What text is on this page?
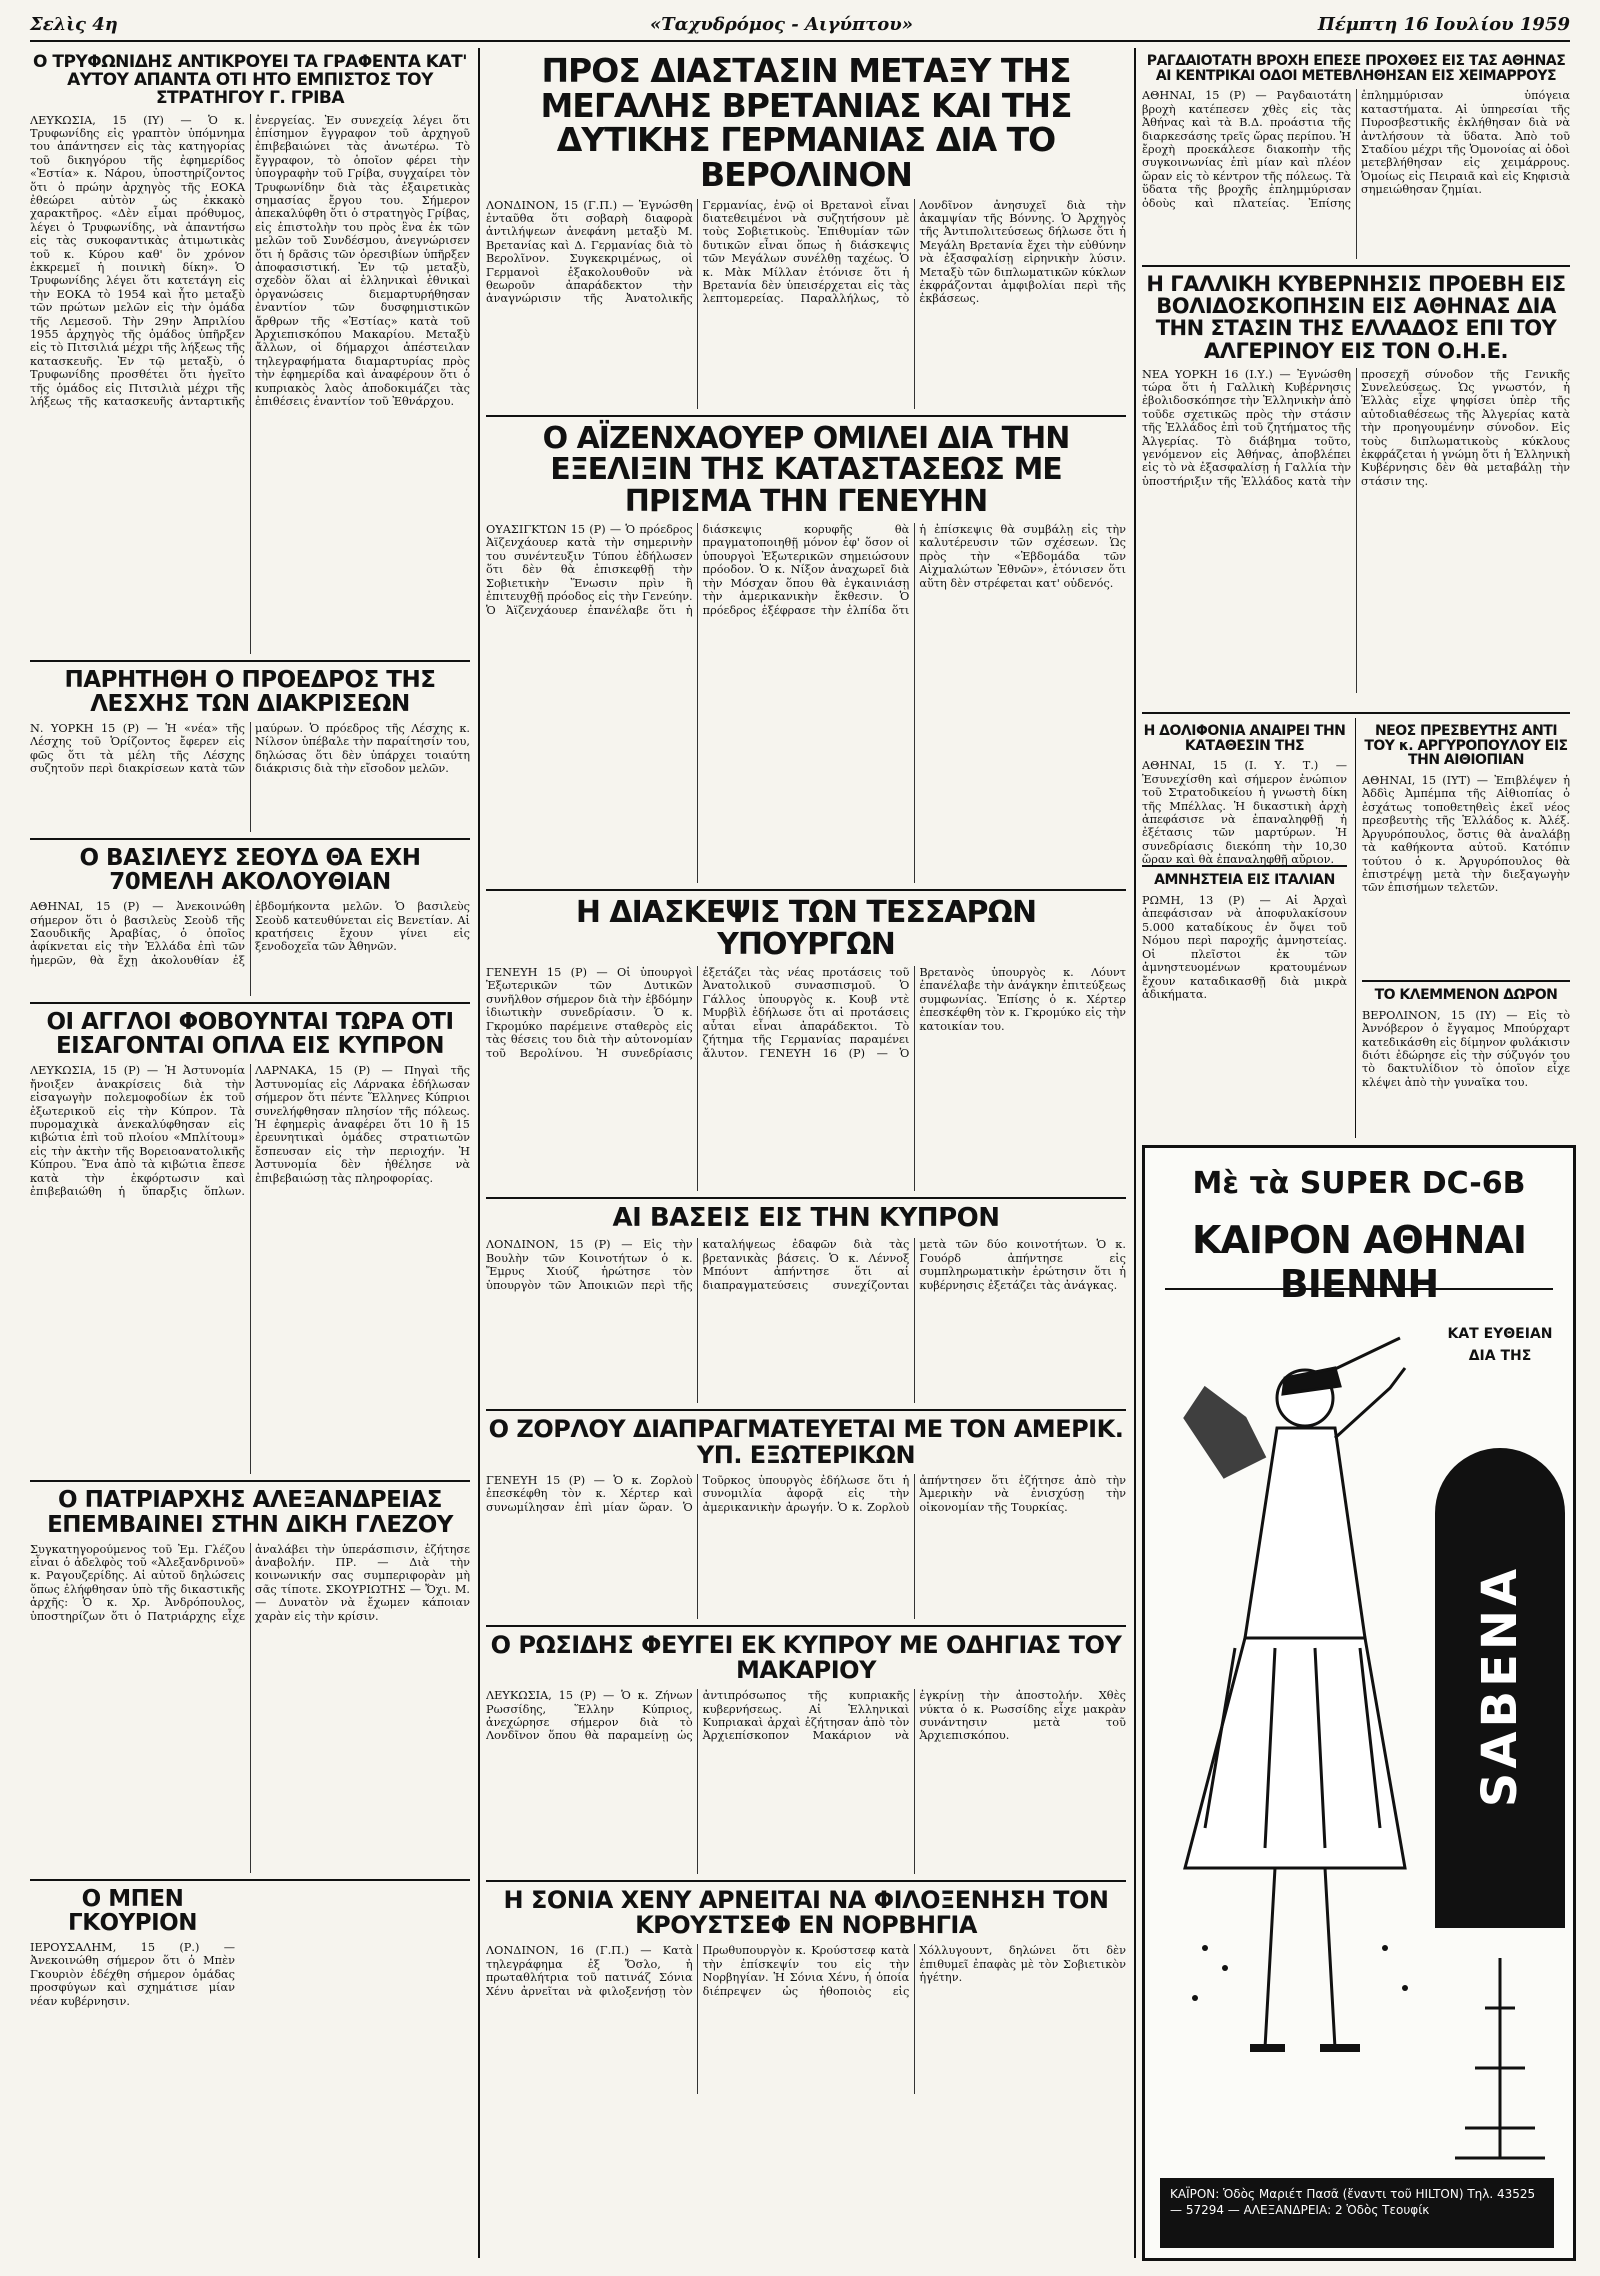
Σελὶς 4η	«Ταχυδρόμος - Αιγύπτου»	Πέμπτη 16 Ιουλίου 1959
Ο ΤΡΥΦΩΝΙΔΗΣ ΑΝΤΙΚΡΟΥΕΙ ΤΑ ΓΡΑΦΕΝΤΑ ΚΑΤ' ΑΥΤΟΥ ΑΠΑΝΤΑ ΟΤΙ ΗΤΟ ΕΜΠΙΣΤΟΣ ΤΟΥ ΣΤΡΑΤΗΓΟΥ Γ. ΓΡΙΒΑ

ΛΕΥΚΩΣΙΑ, 15 (ΙΥ) — Ὁ κ. Τρυφωνίδης εἰς γραπτὸν ὑπόμνημα του ἀπάντησεν εἰς τὰς κατηγορίας τοῦ δικηγόρου τῆς ἐφημερίδος «Ἑστία» κ. Νάρου, ὑποστηρίζοντος ὅτι ὁ πρώην ἀρχηγὸς τῆς ΕΟΚΑ ἐθεώρει αὐτὸν ὡς ἐκκακὸ χαρακτῆρος. «Δὲν εἶμαι πρόθυμος, λέγει ὁ Τρυφωνίδης, νὰ ἀπαντήσω εἰς τὰς συκοφαντικὰς ἀτιμωτικὰς τοῦ κ. Κύρου καθ' ὃν χρόνον ἐκκρεμεῖ ἡ ποινικὴ δίκη». Ὁ Τρυφωνίδης λέγει ὅτι κατετάγη εἰς τὴν ΕΟΚΑ τὸ 1954 καὶ ἦτο μεταξὺ τῶν πρώτων μελῶν εἰς τὴν ὁμάδα τῆς Λεμεσοῦ. Τὴν 29ην Ἀπριλίου 1955 ἀρχηγὸς τῆς ὁμάδος ὑπῆρξεν εἰς τὸ Πιτσιλιά μέχρι τῆς λήξεως τῆς κατασκευῆς. Ἐν τῷ μεταξὺ, ὁ Τρυφωνίδης προσθέτει ὅτι ἡγεῖτο τῆς ὁμάδος εἰς Πιτσιλιὰ μέχρι τῆς λήξεως τῆς κατασκευῆς ἀνταρτικῆς ἐνεργείας. Ἐν συνεχείᾳ λέγει ὅτι ἐπίσημον ἔγγραφον τοῦ ἀρχηγοῦ ἐπιβεβαιώνει τὰς ἀνωτέρω. Τὸ ἔγγραφον, τὸ ὁποῖον φέρει τὴν ὑπογραφὴν τοῦ Γρίβα, συγχαίρει τὸν Τρυφωνίδην διὰ τὰς ἐξαιρετικὰς σημασίας ἔργου του. Σήμερον ἀπεκαλύφθη ὅτι ὁ στρατηγὸς Γρίβας, εἰς ἐπιστολὴν του πρὸς ἓνα ἐκ τῶν μελῶν τοῦ Συνδέσμου, ἀνεγνώρισεν ὅτι ἡ δρᾶσις τῶν ὀρεσιβίων ὑπῆρξεν ἀποφασιστική. Ἐν τῷ μεταξὺ, σχεδὸν ὅλαι αἱ ἑλληνικαὶ ἐθνικαὶ ὀργανώσεις διεμαρτυρήθησαν ἐναντίον τῶν δυσφημιστικῶν ἄρθρων τῆς «Ἑστίας» κατὰ τοῦ Ἀρχιεπισκόπου Μακαρίου. Μεταξὺ ἄλλων, οἱ δήμαρχοι ἀπέστειλαν τηλεγραφήματα διαμαρτυρίας πρὸς τὴν ἐφημερίδα καὶ ἀναφέρουν ὅτι ὁ κυπριακὸς λαὸς ἀποδοκιμάζει τὰς ἐπιθέσεις ἐναντίον τοῦ Ἐθνάρχου.

ΠΑΡΗΤΗΘΗ Ο ΠΡΟΕΔΡΟΣ ΤΗΣ ΛΕΣΧΗΣ ΤΩΝ ΔΙΑΚΡΙΣΕΩΝ

Ν. ΥΟΡΚΗ 15 (Ρ) — Ἡ «νέα» τῆς Λέσχης τοῦ Ὁρίζοντος ἔφερεν εἰς φῶς ὅτι τὰ μέλη τῆς Λέσχης συζητοῦν περὶ διακρίσεων κατὰ τῶν μαύρων. Ὁ πρόεδρος τῆς Λέσχης κ. Νίλσον ὑπέβαλε τὴν παραίτησίν του, δηλώσας ὅτι δὲν ὑπάρχει τοιαύτη διάκρισις διὰ τὴν εἴσοδον μελῶν.

Ο ΒΑΣΙΛΕΥΣ ΣΕΟΥΔ ΘΑ ΕΧΗ 70ΜΕΛΗ ΑΚΟΛΟΥΘΙΑΝ

ΑΘΗΝΑΙ, 15 (Ρ) — Ἀνεκοινώθη σήμερον ὅτι ὁ βασιλεὺς Σεοὺδ τῆς Σαουδικῆς Ἀραβίας, ὁ ὁποῖος ἀφίκνεται εἰς τὴν Ἑλλάδα ἐπὶ τῶν ἡμερῶν, θὰ ἔχῃ ἀκολουθίαν ἐξ ἑβδομήκοντα μελῶν. Ὁ βασιλεὺς Σεοὺδ κατευθύνεται εἰς Βενετίαν. Αἱ κρατήσεις ἔχουν γίνει εἰς ξενοδοχεῖα τῶν Ἀθηνῶν.

ΟΙ ΑΓΓΛΟΙ ΦΟΒΟΥΝΤΑΙ ΤΩΡΑ ΟΤΙ ΕΙΣΑΓΟΝΤΑΙ ΟΠΛΑ ΕΙΣ ΚΥΠΡΟΝ

ΛΕΥΚΩΣΙΑ, 15 (Ρ) — Ἡ Ἀστυνομία ἤνοιξεν ἀνακρίσεις διὰ τὴν εἰσαγωγὴν πολεμοφοδίων ἐκ τοῦ ἐξωτερικοῦ εἰς τὴν Κύπρον. Τὰ πυρομαχικὰ ἀνεκαλύφθησαν εἰς κιβώτια ἐπὶ τοῦ πλοίου «Μπλίτουμ» εἰς τὴν ἀκτὴν τῆς Βορειοανατολικῆς Κύπρου. Ἕνα ἀπὸ τὰ κιβώτια ἔπεσε κατὰ τὴν ἐκφόρτωσιν καὶ ἐπιβεβαιώθη ἡ ὕπαρξις ὅπλων. ΛΑΡΝΑΚΑ, 15 (Ρ) — Πηγαὶ τῆς Ἀστυνομίας εἰς Λάρνακα ἐδήλωσαν σήμερον ὅτι πέντε Ἕλληνες Κύπριοι συνελήφθησαν πλησίον τῆς πόλεως. Ἡ ἐφημερὶς ἀναφέρει ὅτι 10 ἢ 15 ἐρευνητικαὶ ὁμάδες στρατιωτῶν ἔσπευσαν εἰς τὴν περιοχήν. Ἡ Ἀστυνομία δὲν ἠθέλησε νὰ ἐπιβεβαιώσῃ τὰς πληροφορίας.

Ο ΠΑΤΡΙΑΡΧΗΣ ΑΛΕΞΑΝΔΡΕΙΑΣ ΕΠΕΜΒΑΙΝΕΙ ΣΤΗΝ ΔΙΚΗ ΓΛΕΖΟΥ

Συγκατηγορούμενος τοῦ Ἐμ. Γλέζου εἶναι ὁ ἀδελφὸς τοῦ «Ἀλεξανδρινοῦ» κ. Ραγουζερίδης. Αἱ αὐτοῦ δηλώσεις ὅπως ἐλήφθησαν ὑπὸ τῆς δικαστικῆς ἀρχῆς: Ὁ κ. Χρ. Ἀνδρόπουλος, ὑποστηρίζων ὅτι ὁ Πατριάρχης εἶχε ἀναλάβει τὴν ὑπεράσπισιν, ἐζήτησε ἀναβολήν. ΠΡ. — Διὰ τὴν κοινωνικήν σας συμπεριφορὰν μὴ σᾶς τίποτε. ΣΚΟΥΡΙΩΤΗΣ — Ὄχι. Μ. — Δυνατὸν νὰ ἔχωμεν κάποιαν χαρὰν εἰς τὴν κρίσιν.

Ο ΜΠΕΝ ΓΚΟΥΡΙΟΝ

ΙΕΡΟΥΣΑΛΗΜ, 15 (Ρ.) — Ἀνεκοινώθη σήμερον ὅτι ὁ Μπὲν Γκουριὸν ἐδέχθη σήμερον ὁμάδας προσφύγων καὶ σχημάτισε μίαν νέαν κυβέρνησιν.

ΠΡΟΣ ΔΙΑΣΤΑΣΙΝ ΜΕΤΑΞΥ ΤΗΣ ΜΕΓΑΛΗΣ ΒΡΕΤΑΝΙΑΣ ΚΑΙ ΤΗΣ ΔΥΤΙΚΗΣ ΓΕΡΜΑΝΙΑΣ ΔΙΑ ΤΟ ΒΕΡΟΛΙΝΟΝ

ΛΟΝΔΙΝΟΝ, 15 (Γ.Π.) — Ἐγνώσθη ἐνταῦθα ὅτι σοβαρὴ διαφορὰ ἀντιλήψεων ἀνεφάνη μεταξὺ Μ. Βρετανίας καὶ Δ. Γερμανίας διὰ τὸ Βερολῖνον. Συγκεκριμένως, οἱ Γερμανοὶ ἐξακολουθοῦν νὰ θεωροῦν ἀπαράδεκτον τὴν ἀναγνώρισιν τῆς Ἀνατολικῆς Γερμανίας, ἐνῷ οἱ Βρετανοὶ εἶναι διατεθειμένοι νὰ συζητήσουν μὲ τοὺς Σοβιετικοὺς. Ἐπιθυμίαν τῶν δυτικῶν εἶναι ὅπως ἡ διάσκεψις τῶν Μεγάλων συνέλθῃ ταχέως. Ὁ κ. Μὰκ Μίλλαν ἐτόνισε ὅτι ἡ Βρετανία δὲν ὑπεισέρχεται εἰς τὰς λεπτομερείας. Παραλλήλως, τὸ Λονδῖνον ἀνησυχεῖ διὰ τὴν ἀκαμψίαν τῆς Βόννης. Ὁ Ἀρχηγὸς τῆς Ἀντιπολιτεύσεως δήλωσε ὅτι ἡ Μεγάλη Βρετανία ἔχει τὴν εὐθύνην νὰ ἐξασφαλίσῃ εἰρηνικὴν λύσιν. Μεταξὺ τῶν διπλωματικῶν κύκλων ἐκφράζονται ἀμφιβολίαι περὶ τῆς ἐκβάσεως.

Ο ΑΪΖΕΝΧΑΟΥΕΡ ΟΜΙΛΕΙ ΔΙΑ ΤΗΝ ΕΞΕΛΙΞΙΝ ΤΗΣ ΚΑΤΑΣΤΑΣΕΩΣ ΜΕ ΠΡΙΣΜΑ ΤΗΝ ΓΕΝΕΥΗΝ

ΟΥΑΣΙΓΚΤΩΝ 15 (Ρ) — Ὁ πρόεδρος Ἀϊζενχάουερ κατὰ τὴν σημερινὴν του συνέντευξιν Τύπου ἐδήλωσεν ὅτι δὲν θὰ ἐπισκεφθῇ τὴν Σοβιετικὴν Ἕνωσιν πρὶν ἢ ἐπιτευχθῇ πρόοδος εἰς τὴν Γενεύην. Ὁ Ἀϊζενχάουερ ἐπανέλαβε ὅτι ἡ διάσκεψις κορυφῆς θὰ πραγματοποιηθῇ μόνον ἐφ' ὅσον οἱ ὑπουργοὶ Ἐξωτερικῶν σημειώσουν πρόοδον. Ὁ κ. Νίξον ἀναχωρεῖ διὰ τὴν Μόσχαν ὅπου θὰ ἐγκαινιάσῃ τὴν ἀμερικανικὴν ἔκθεσιν. Ὁ πρόεδρος ἐξέφρασε τὴν ἐλπίδα ὅτι ἡ ἐπίσκεψις θὰ συμβάλῃ εἰς τὴν καλυτέρευσιν τῶν σχέσεων. Ὡς πρὸς τὴν «Ἑβδομάδα τῶν Αἰχμαλώτων Ἐθνῶν», ἐτόνισεν ὅτι αὕτη δὲν στρέφεται κατ' οὐδενός.

Η ΔΙΑΣΚΕΨΙΣ ΤΩΝ ΤΕΣΣΑΡΩΝ ΥΠΟΥΡΓΩΝ

ΓΕΝΕΥΗ 15 (Ρ) — Οἱ ὑπουργοὶ Ἐξωτερικῶν τῶν Δυτικῶν συνῆλθον σήμερον διὰ τὴν ἑβδόμην ἰδιωτικὴν συνεδρίασιν. Ὁ κ. Γκρομύκο παρέμεινε σταθερὸς εἰς τὰς θέσεις του διὰ τὴν αὐτονομίαν τοῦ Βερολίνου. Ἡ συνεδρίασις ἐξετάζει τὰς νέας προτάσεις τοῦ Ἀνατολικοῦ συνασπισμοῦ. Ὁ Γάλλος ὑπουργὸς κ. Κουβ ντὲ Μυρβὶλ ἐδήλωσε ὅτι αἱ προτάσεις αὗται εἶναι ἀπαράδεκτοι. Τὸ ζήτημα τῆς Γερμανίας παραμένει ἄλυτον. ΓΕΝΕΥΗ 16 (Ρ) — Ὁ Βρετανὸς ὑπουργὸς κ. Λόυντ ἐπανέλαβε τὴν ἀνάγκην ἐπιτεύξεως συμφωνίας. Ἐπίσης ὁ κ. Χέρτερ ἐπεσκέφθη τὸν κ. Γκρομύκο εἰς τὴν κατοικίαν του.

ΑΙ ΒΑΣΕΙΣ ΕΙΣ ΤΗΝ ΚΥΠΡΟΝ

ΛΟΝΔΙΝΟΝ, 15 (Ρ) — Εἰς τὴν Βουλὴν τῶν Κοινοτήτων ὁ κ. Ἔμρυς Χιούζ ἠρώτησε τὸν ὑπουργὸν τῶν Ἀποικιῶν περὶ τῆς καταλήψεως ἐδαφῶν διὰ τὰς βρετανικὰς βάσεις. Ὁ κ. Λέννοξ Μπόυντ ἀπήντησε ὅτι αἱ διαπραγματεύσεις συνεχίζονται μετὰ τῶν δύο κοινοτήτων. Ὁ κ. Γουόρδ ἀπήντησε εἰς συμπληρωματικὴν ἐρώτησιν ὅτι ἡ κυβέρνησις ἐξετάζει τὰς ἀνάγκας.

Ο ΖΟΡΛΟΥ ΔΙΑΠΡΑΓΜΑΤΕΥΕΤΑΙ ΜΕ ΤΟΝ ΑΜΕΡΙΚ. ΥΠ. ΕΞΩΤΕΡΙΚΩΝ

ΓΕΝΕΥΗ 15 (Ρ) — Ὁ κ. Ζορλοὺ ἐπεσκέφθη τὸν κ. Χέρτερ καὶ συνωμίλησαν ἐπὶ μίαν ὥραν. Ὁ Τοῦρκος ὑπουργὸς ἐδήλωσε ὅτι ἡ συνομιλία ἀφορᾷ εἰς τὴν ἀμερικανικὴν ἀρωγήν. Ὁ κ. Ζορλοὺ ἀπήντησεν ὅτι ἐζήτησε ἀπὸ τὴν Ἀμερικὴν νὰ ἐνισχύσῃ τὴν οἰκονομίαν τῆς Τουρκίας.

Ο ΡΩΣΙΔΗΣ ΦΕΥΓΕΙ ΕΚ ΚΥΠΡΟΥ ΜΕ ΟΔΗΓΙΑΣ ΤΟΥ ΜΑΚΑΡΙΟΥ

ΛΕΥΚΩΣΙΑ, 15 (Ρ) — Ὁ κ. Ζήνων Ρωσσίδης, Ἕλλην Κύπριος, ἀνεχώρησε σήμερον διὰ τὸ Λονδῖνον ὅπου θὰ παραμείνῃ ὡς ἀντιπρόσωπος τῆς κυπριακῆς κυβερνήσεως. Αἱ Ἑλληνικαὶ Κυπριακαὶ ἀρχαὶ ἐζήτησαν ἀπὸ τὸν Ἀρχιεπίσκοπον Μακάριον νὰ ἐγκρίνῃ τὴν ἀποστολήν. Χθὲς νύκτα ὁ κ. Ρωσσίδης εἶχε μακρὰν συνάντησιν μετὰ τοῦ Ἀρχιεπισκόπου.

Η ΣΟΝΙΑ ΧΕΝΥ ΑΡΝΕΙΤΑΙ ΝΑ ΦΙΛΟΞΕΝΗΣΗ ΤΟΝ ΚΡΟΥΣΤΣΕΦ ΕΝ ΝΟΡΒΗΓΙΑ

ΛΟΝΔΙΝΟΝ, 16 (Γ.Π.) — Κατὰ τηλεγράφημα ἐξ Ὄσλο, ἡ πρωταθλήτρια τοῦ πατινάζ Σόνια Χένυ ἀρνεῖται νὰ φιλοξενήσῃ τὸν Πρωθυπουργὸν κ. Κρούστσεφ κατὰ τὴν ἐπίσκεψίν του εἰς τὴν Νορβηγίαν. Ἡ Σόνια Χένυ, ἡ ὁποία διέπρεψεν ὡς ἠθοποιὸς εἰς Χόλλυγουντ, δηλώνει ὅτι δὲν ἐπιθυμεῖ ἐπαφὰς μὲ τὸν Σοβιετικὸν ἡγέτην.

ΡΑΓΔΑΙΟΤΑΤΗ ΒΡΟΧΗ ΕΠΕΣΕ ΠΡΟΧΘΕΣ ΕΙΣ ΤΑΣ ΑΘΗΝΑΣ ΑΙ ΚΕΝΤΡΙΚΑΙ ΟΔΟΙ ΜΕΤΕΒΛΗΘΗΣΑΝ ΕΙΣ ΧΕΙΜΑΡΡΟΥΣ

ΑΘΗΝΑΙ, 15 (Ρ) — Ραγδαιοτάτη βροχὴ κατέπεσεν χθὲς εἰς τὰς Ἀθήνας καὶ τὰ Β.Δ. προάστια τῆς διαρκεσάσης τρεῖς ὥρας περίπου. Ἡ ἔροχὴ προεκάλεσε διακοπὴν τῆς συγκοινωνίας ἐπὶ μίαν καὶ πλέον ὥραν εἰς τὸ κέντρον τῆς πόλεως. Τὰ ὕδατα τῆς βροχῆς ἐπλημμύρισαν ὁδοὺς καὶ πλατείας. Ἐπίσης ἐπλημμύρισαν ὑπόγεια καταστήματα. Αἱ ὑπηρεσίαι τῆς Πυροσβεστικῆς ἐκλήθησαν διὰ νὰ ἀντλήσουν τὰ ὕδατα. Ἀπὸ τοῦ Σταδίου μέχρι τῆς Ὁμονοίας αἱ ὁδοὶ μετεβλήθησαν εἰς χειμάρρους. Ὁμοίως εἰς Πειραιᾶ καὶ εἰς Κηφισιὰ σημειώθησαν ζημίαι.

Η ΓΑΛΛΙΚΗ ΚΥΒΕΡΝΗΣΙΣ ΠΡΟΕΒΗ ΕΙΣ ΒΟΛΙΔΟΣΚΟΠΗΣΙΝ ΕΙΣ ΑΘΗΝΑΣ ΔΙΑ ΤΗΝ ΣΤΑΣΙΝ ΤΗΣ ΕΛΛΑΔΟΣ ΕΠΙ ΤΟΥ ΑΛΓΕΡΙΝΟΥ ΕΙΣ ΤΟΝ Ο.Η.Ε.

ΝΕΑ ΥΟΡΚΗ 16 (Ι.Υ.) — Ἐγνώσθη τώρα ὅτι ἡ Γαλλικὴ Κυβέρνησις ἐβολιδοσκόπησε τὴν Ἑλληνικὴν ἀπὸ τοῦδε σχετικῶς πρὸς τὴν στάσιν τῆς Ἑλλάδος ἐπὶ τοῦ ζητήματος τῆς Ἀλγερίας. Τὸ διάβημα τοῦτο, γενόμενον εἰς Ἀθήνας, ἀποβλέπει εἰς τὸ νὰ ἐξασφαλίσῃ ἡ Γαλλία τὴν ὑποστήριξιν τῆς Ἑλλάδος κατὰ τὴν προσεχῆ σύνοδον τῆς Γενικῆς Συνελεύσεως. Ὡς γνωστόν, ἡ Ἑλλὰς εἶχε ψηφίσει ὑπὲρ τῆς αὐτοδιαθέσεως τῆς Ἀλγερίας κατὰ τὴν προηγουμένην σύνοδον. Εἰς τοὺς διπλωματικοὺς κύκλους ἐκφράζεται ἡ γνώμη ὅτι ἡ Ἑλληνικὴ Κυβέρνησις δὲν θὰ μεταβάλῃ τὴν στάσιν της.

Η ΔΟΛΙΦΟΝΙΑ ΑΝΑΙΡΕΙ ΤΗΝ ΚΑΤΑΘΕΣΙΝ ΤΗΣ

ΑΘΗΝΑΙ, 15 (Ι. Υ. Τ.) — Ἐσυνεχίσθη καὶ σήμερον ἐνώπιον τοῦ Στρατοδικείου ἡ γνωστὴ δίκη τῆς Μπέλλας. Ἡ δικαστικὴ ἀρχὴ ἀπεφάσισε νὰ ἐπαναληφθῇ ἡ ἐξέτασις τῶν μαρτύρων. Ἡ συνεδρίασις διεκόπη τὴν 10,30 ὥραν καὶ θὰ ἐπαναληφθῇ αὔριον.

ΑΜΝΗΣΤΕΙΑ ΕΙΣ ΙΤΑΛΙΑΝ

ΡΩΜΗ, 13 (Ρ) — Αἱ Ἀρχαὶ ἀπεφάσισαν νὰ ἀποφυλακίσουν 5.000 καταδίκους ἐν ὄψει τοῦ Νόμου περὶ παροχῆς ἀμνηστείας. Οἱ πλεῖστοι ἐκ τῶν ἀμνηστευομένων κρατουμένων ἔχουν καταδικασθῇ διὰ μικρὰ ἀδικήματα.

ΝΕΟΣ ΠΡΕΣΒΕΥΤΗΣ ΑΝΤΙ ΤΟΥ κ. ΑΡΓΥΡΟΠΟΥΛΟΥ ΕΙΣ ΤΗΝ ΑΙΘΙΟΠΙΑΝ

ΑΘΗΝΑΙ, 15 (ΙΥΤ) — Ἐπιβλέψεν ἡ Ἀδδὶς Ἀμπέμπα τῆς Αἰθιοπίας ὁ ἐσχάτως τοποθετηθεὶς ἐκεῖ νέος πρεσβευτὴς τῆς Ἑλλάδος κ. Ἀλέξ. Ἀργυρόπουλος, ὅστις θὰ ἀναλάβῃ τὰ καθήκοντα αὐτοῦ. Κατόπιν τούτου ὁ κ. Ἀργυρόπουλος θὰ ἐπιστρέψῃ μετὰ τὴν διεξαγωγὴν τῶν ἐπισήμων τελετῶν.

ΤΟ ΚΛΕΜΜΕΝΟΝ ΔΩΡΟΝ

ΒΕΡΟΛΙΝΟΝ, 15 (ΙΥ) — Εἰς τὸ Ἀννόβερον ὁ ἔγγαμος Μπούρχαρτ κατεδικάσθη εἰς δίμηνον φυλάκισιν διότι ἐδώρησε εἰς τὴν σύζυγόν του τὸ δακτυλίδιον τὸ ὁποῖον εἶχε κλέψει ἀπὸ τὴν γυναῖκα του.

Μὲ τὰ SUPER DC-6B
ΚΑΙΡΟΝ ΑΘΗΝΑΙ ΒΙΕΝΝΗ
ΚΑΤ ΕΥΘΕΙΑΝ ΔΙΑ ΤΗΣ
SABENA
ΚΑΪΡΟΝ: Ὁδὸς Μαριέτ Πασᾶ (ἔναντι τοῦ HILTON) Τηλ. 43525 — 57294 — ΑΛΕΞΑΝΔΡΕΙΑ: 2 Ὁδὸς Τεουφίκ
